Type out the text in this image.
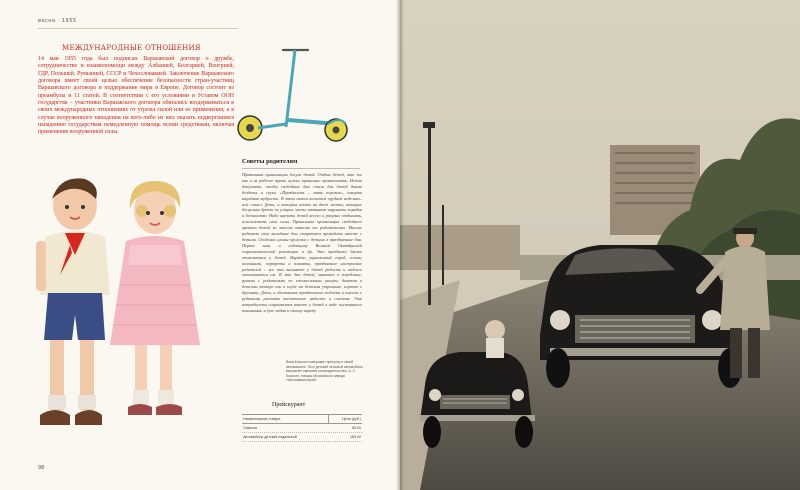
весна · 1955
МЕЖДУНАРОДНЫЕ ОТНОШЕНИЯ

14 мая 1955 года был подписан Варшавский договор о дружбе, сотрудничестве и взаимопомощи между Албанией, Болгарией, Венгрией, ГДР, Польшей, Румынией, СССР и Чехословакией. Заключение Варшавского договора имеет своей целью обеспечение безопасности стран-участниц Варшавского договора и поддержание мира в Европе. Договор состоит из преамбулы и 11 статей. В соответствии с его условиями и Уставом ООН государства – участники Варшавского договора обязались воздерживаться в своих международных отношениях от угрозы силой или ее применения, а в случае вооруженного нападения на кого-либо из них оказать подвергшимся нападению государствам немедленную помощь всеми средствами, включая применение вооруженной силы.

Советы родителям

Правильная организация досуга детей. Отдых детей, так же как и их рабочее время, нужно правильно организовать. Нельзя допускать, чтобы свободные дни стали для детей днями безделья и скуки. «Праздность – мать пороков», говорит народная мудрость. В этом самом коснется орудной недельно–ной смысл. Дети, в которых ничто ни даст мечты, которые бесцельно бреют по улицам, часто начинают нарушать порядки и бесчинство. Надо научить детей весело и разумно отдыхать, использовать свои силы. Правильная организация свободного времени детей во многом зависит от родительских. Многие родители свои выходные дни стараются проводить вместе с детьми. Особенно ценны прогулки с детьми в праздничные дни. Первое мая, и годовщину Великой Октябрьской социалистической революции и др. Эти праздники близко отмечаются у детей. Нарядно украшенный город, сотни, колоннами, портреты и плакаты, праздничное настроение родителей – все это вызывает у детей радость и надолго запоминается им. В эти дни детей, знакомое и передовые, руками с родителями по ежемесячным улицам, бывают в детском театре или в клубе на детском утреннике, играют с друзьями. Дети, в обстановке праздничного подъёма и вместе с ребятами растить впечатление радости и счастья. Эта потребности сохраняются вместе у детей в виде постоянного понимания, в духе любви к своему народу.

Вова Косыгин совершает прогулку в своей автомашине. Этот детский легковой автомобиль выпускает смешное киноиздательство. А. С. Косыгин, товары Московского завода «Автомашинстрой»

Прейскурант
Наименование товара	Цена (руб.)
Самокат	85.00
Автомобиль детский педальный	165.00
98
